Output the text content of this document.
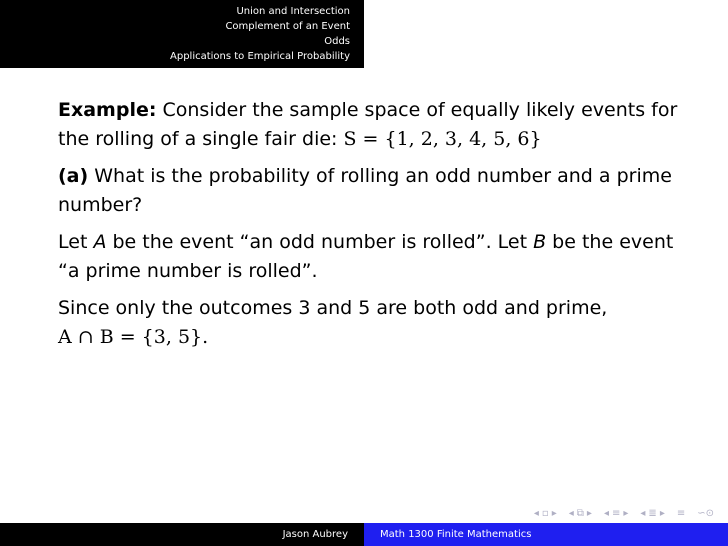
Union and Intersection
Complement of an Event
Odds
Applications to Empirical Probability

Example: Consider the sample space of equally likely events for the rolling of a single fair die: S = {1, 2, 3, 4, 5, 6}

(a) What is the probability of rolling an odd number and a prime number?

Let A be the event “an odd number is rolled”. Let B be the event “a prime number is rolled”.

Since only the outcomes 3 and 5 are both odd and prime,
A ∩ B = {3, 5}.

◂ ▫ ▸ ◂ ⧉ ▸ ◂ ≡ ▸ ◂ ≣ ▸ ≡ ∽⊙
Jason Aubrey	Math 1300 Finite Mathematics
